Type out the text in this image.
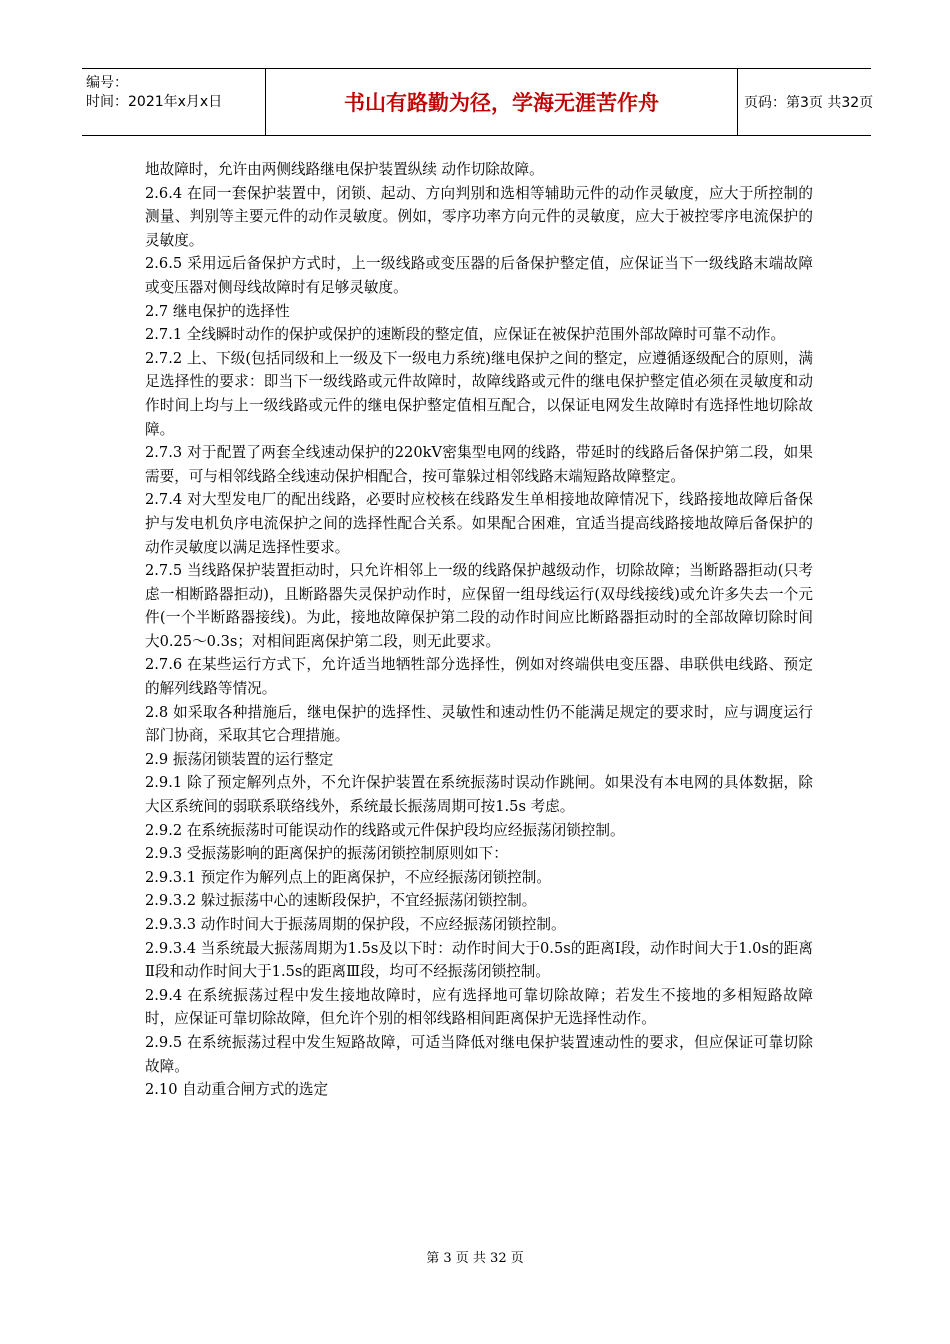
编号：
时间：2021年x月x日	书山有路勤为径，学海无涯苦作舟	页码：第3页 共32页

地故障时，允许由两侧线路继电保护装置纵续 动作切除故障。

2.6.4 在同一套保护装置中，闭锁、起动、方向判别和选相等辅助元件的动作灵敏度，应大于所控制的测量、判别等主要元件的动作灵敏度。例如，零序功率方向元件的灵敏度，应大于被控零序电流保护的灵敏度。

2.6.5 采用远后备保护方式时，上一级线路或变压器的后备保护整定值，应保证当下一级线路末端故障或变压器对侧母线故障时有足够灵敏度。

2.7 继电保护的选择性

2.7.1 全线瞬时动作的保护或保护的速断段的整定值，应保证在被保护范围外部故障时可靠不动作。

2.7.2 上、下级(包括同级和上一级及下一级电力系统)继电保护之间的整定，应遵循逐级配合的原则，满足选择性的要求：即当下一级线路或元件故障时，故障线路或元件的继电保护整定值必须在灵敏度和动作时间上均与上一级线路或元件的继电保护整定值相互配合，以保证电网发生故障时有选择性地切除故障。

2.7.3 对于配置了两套全线速动保护的220kV密集型电网的线路，带延时的线路后备保护第二段，如果需要，可与相邻线路全线速动保护相配合，按可靠躲过相邻线路末端短路故障整定。

2.7.4 对大型发电厂的配出线路，必要时应校核在线路发生单相接地故障情况下，线路接地故障后备保护与发电机负序电流保护之间的选择性配合关系。如果配合困难，宜适当提高线路接地故障后备保护的动作灵敏度以满足选择性要求。

2.7.5 当线路保护装置拒动时，只允许相邻上一级的线路保护越级动作，切除故障；当断路器拒动(只考虑一相断路器拒动)，且断路器失灵保护动作时，应保留一组母线运行(双母线接线)或允许多失去一个元件(一个半断路器接线)。为此，接地故障保护第二段的动作时间应比断路器拒动时的全部故障切除时间大0.25～0.3s；对相间距离保护第二段，则无此要求。

2.7.6 在某些运行方式下，允许适当地牺牲部分选择性，例如对终端供电变压器、串联供电线路、预定的解列线路等情况。

2.8 如采取各种措施后，继电保护的选择性、灵敏性和速动性仍不能满足规定的要求时，应与调度运行部门协商，采取其它合理措施。

2.9 振荡闭锁装置的运行整定

2.9.1 除了预定解列点外，不允许保护装置在系统振荡时误动作跳闸。如果没有本电网的具体数据，除大区系统间的弱联系联络线外，系统最长振荡周期可按1.5s 考虑。

2.9.2 在系统振荡时可能误动作的线路或元件保护段均应经振荡闭锁控制。

2.9.3 受振荡影响的距离保护的振荡闭锁控制原则如下：

2.9.3.1 预定作为解列点上的距离保护，不应经振荡闭锁控制。

2.9.3.2 躲过振荡中心的速断段保护，不宜经振荡闭锁控制。

2.9.3.3 动作时间大于振荡周期的保护段，不应经振荡闭锁控制。

2.9.3.4 当系统最大振荡周期为1.5s及以下时：动作时间大于0.5s的距离Ⅰ段，动作时间大于1.0s的距离Ⅱ段和动作时间大于1.5s的距离Ⅲ段，均可不经振荡闭锁控制。

2.9.4 在系统振荡过程中发生接地故障时，应有选择地可靠切除故障；若发生不接地的多相短路故障时，应保证可靠切除故障，但允许个别的相邻线路相间距离保护无选择性动作。

2.9.5 在系统振荡过程中发生短路故障，可适当降低对继电保护装置速动性的要求，但应保证可靠切除故障。

2.10 自动重合闸方式的选定

第 3 页 共 32 页
